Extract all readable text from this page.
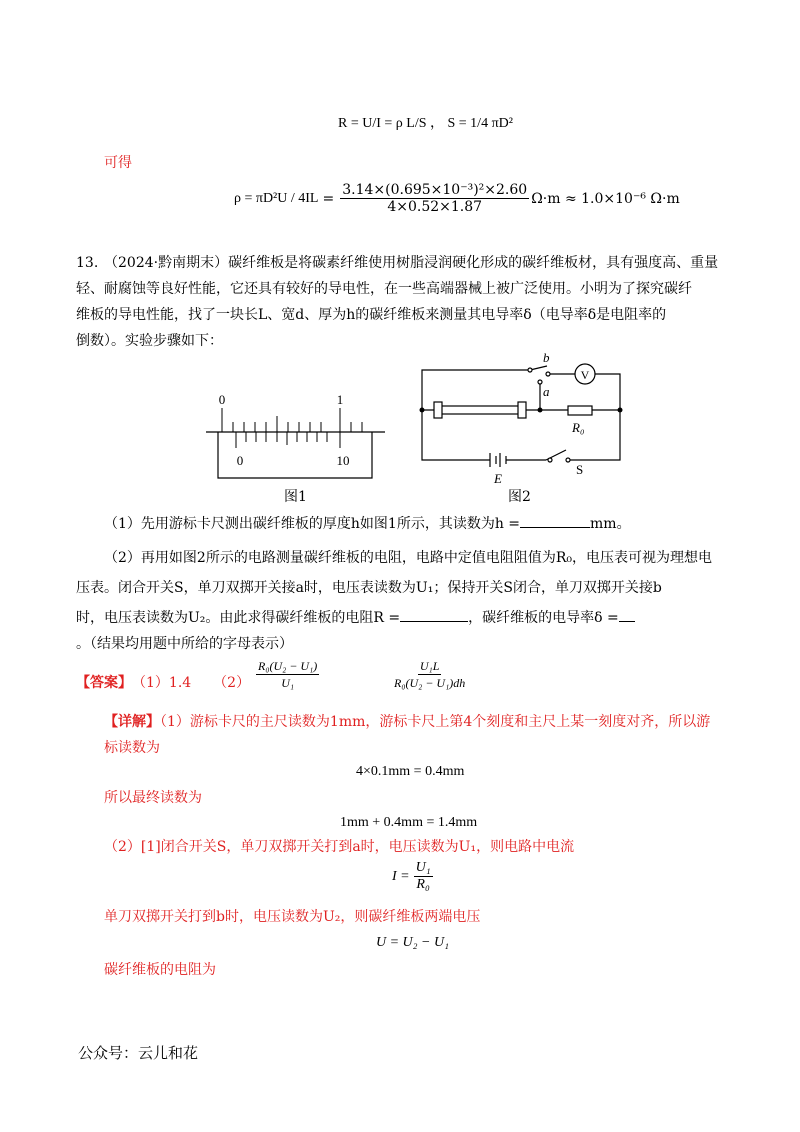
R = U/I = ρ L/S ， S = 1/4 πD²
可得
$\rho = \pi D^2U / 4IL = \frac{\text{3.14×(0.695×10⁻³)²×2.60}}{4\times 0.52\times 1.87} \Omega\cdot m \approx 1.0\times 10^{-6}$ Ω·m
13. （2024·黔南期末）碳纤维板是将碳素纤维使用树脂浸润硬化形成的碳纤维板材，具有强度高、重量
轻、耐腐蚀等良好性能，它还具有较好的导电性，在一些高端器械上被广泛使用。小明为了探究碳纤
维板的导电性能，找了一块长L、宽d、厚为h的碳纤维板来测量其电导率δ（电导率δ是电阻率的
倒数）。实验步骤如下：
0	1
0	10
图1
b
a
V
R₀
E
S
图2
（1）先用游标卡尺测出碳纤维板的厚度h如图1所示，其读数为h =	mm。
（2）再用如图2所示的电路测量碳纤维板的电阻，电路中定值电阻阻值为R₀，电压表可视为理想电
压表。闭合开关S，单刀双掷开关接a时，电压表读数为U₁；保持开关S闭合，单刀双掷开关接b
时，电压表读数为U₂。由此求得碳纤维板的电阻R =	，碳纤维板的电导率δ =
。（结果均用题中所给的字母表示）
【答案】 （1）1.4 $(2) \frac{\text{R₀(U₂ − U₁)}}{\text{U₁}}$	$\frac{\text{U₁L}}{\text{R₀(U₂ − U₁)dh}}$
【详解】（1）游标卡尺的主尺读数为1mm，游标卡尺上第4个刻度和主尺上某一刻度对齐，所以游
标读数为
4×0.1mm = 0.4mm
所以最终读数为
1mm + 0.4mm = 1.4mm
（2）[1]闭合开关S，单刀双掷开关打到a时，电压读数为U₁，则电路中电流
$I = \frac{\text{U₁}}{\text{R₀}}$
单刀双掷开关打到b时，电压读数为U₂，则碳纤维板两端电压
U = U₂ − U₁
碳纤维板的电阻为
公众号：云儿和花
